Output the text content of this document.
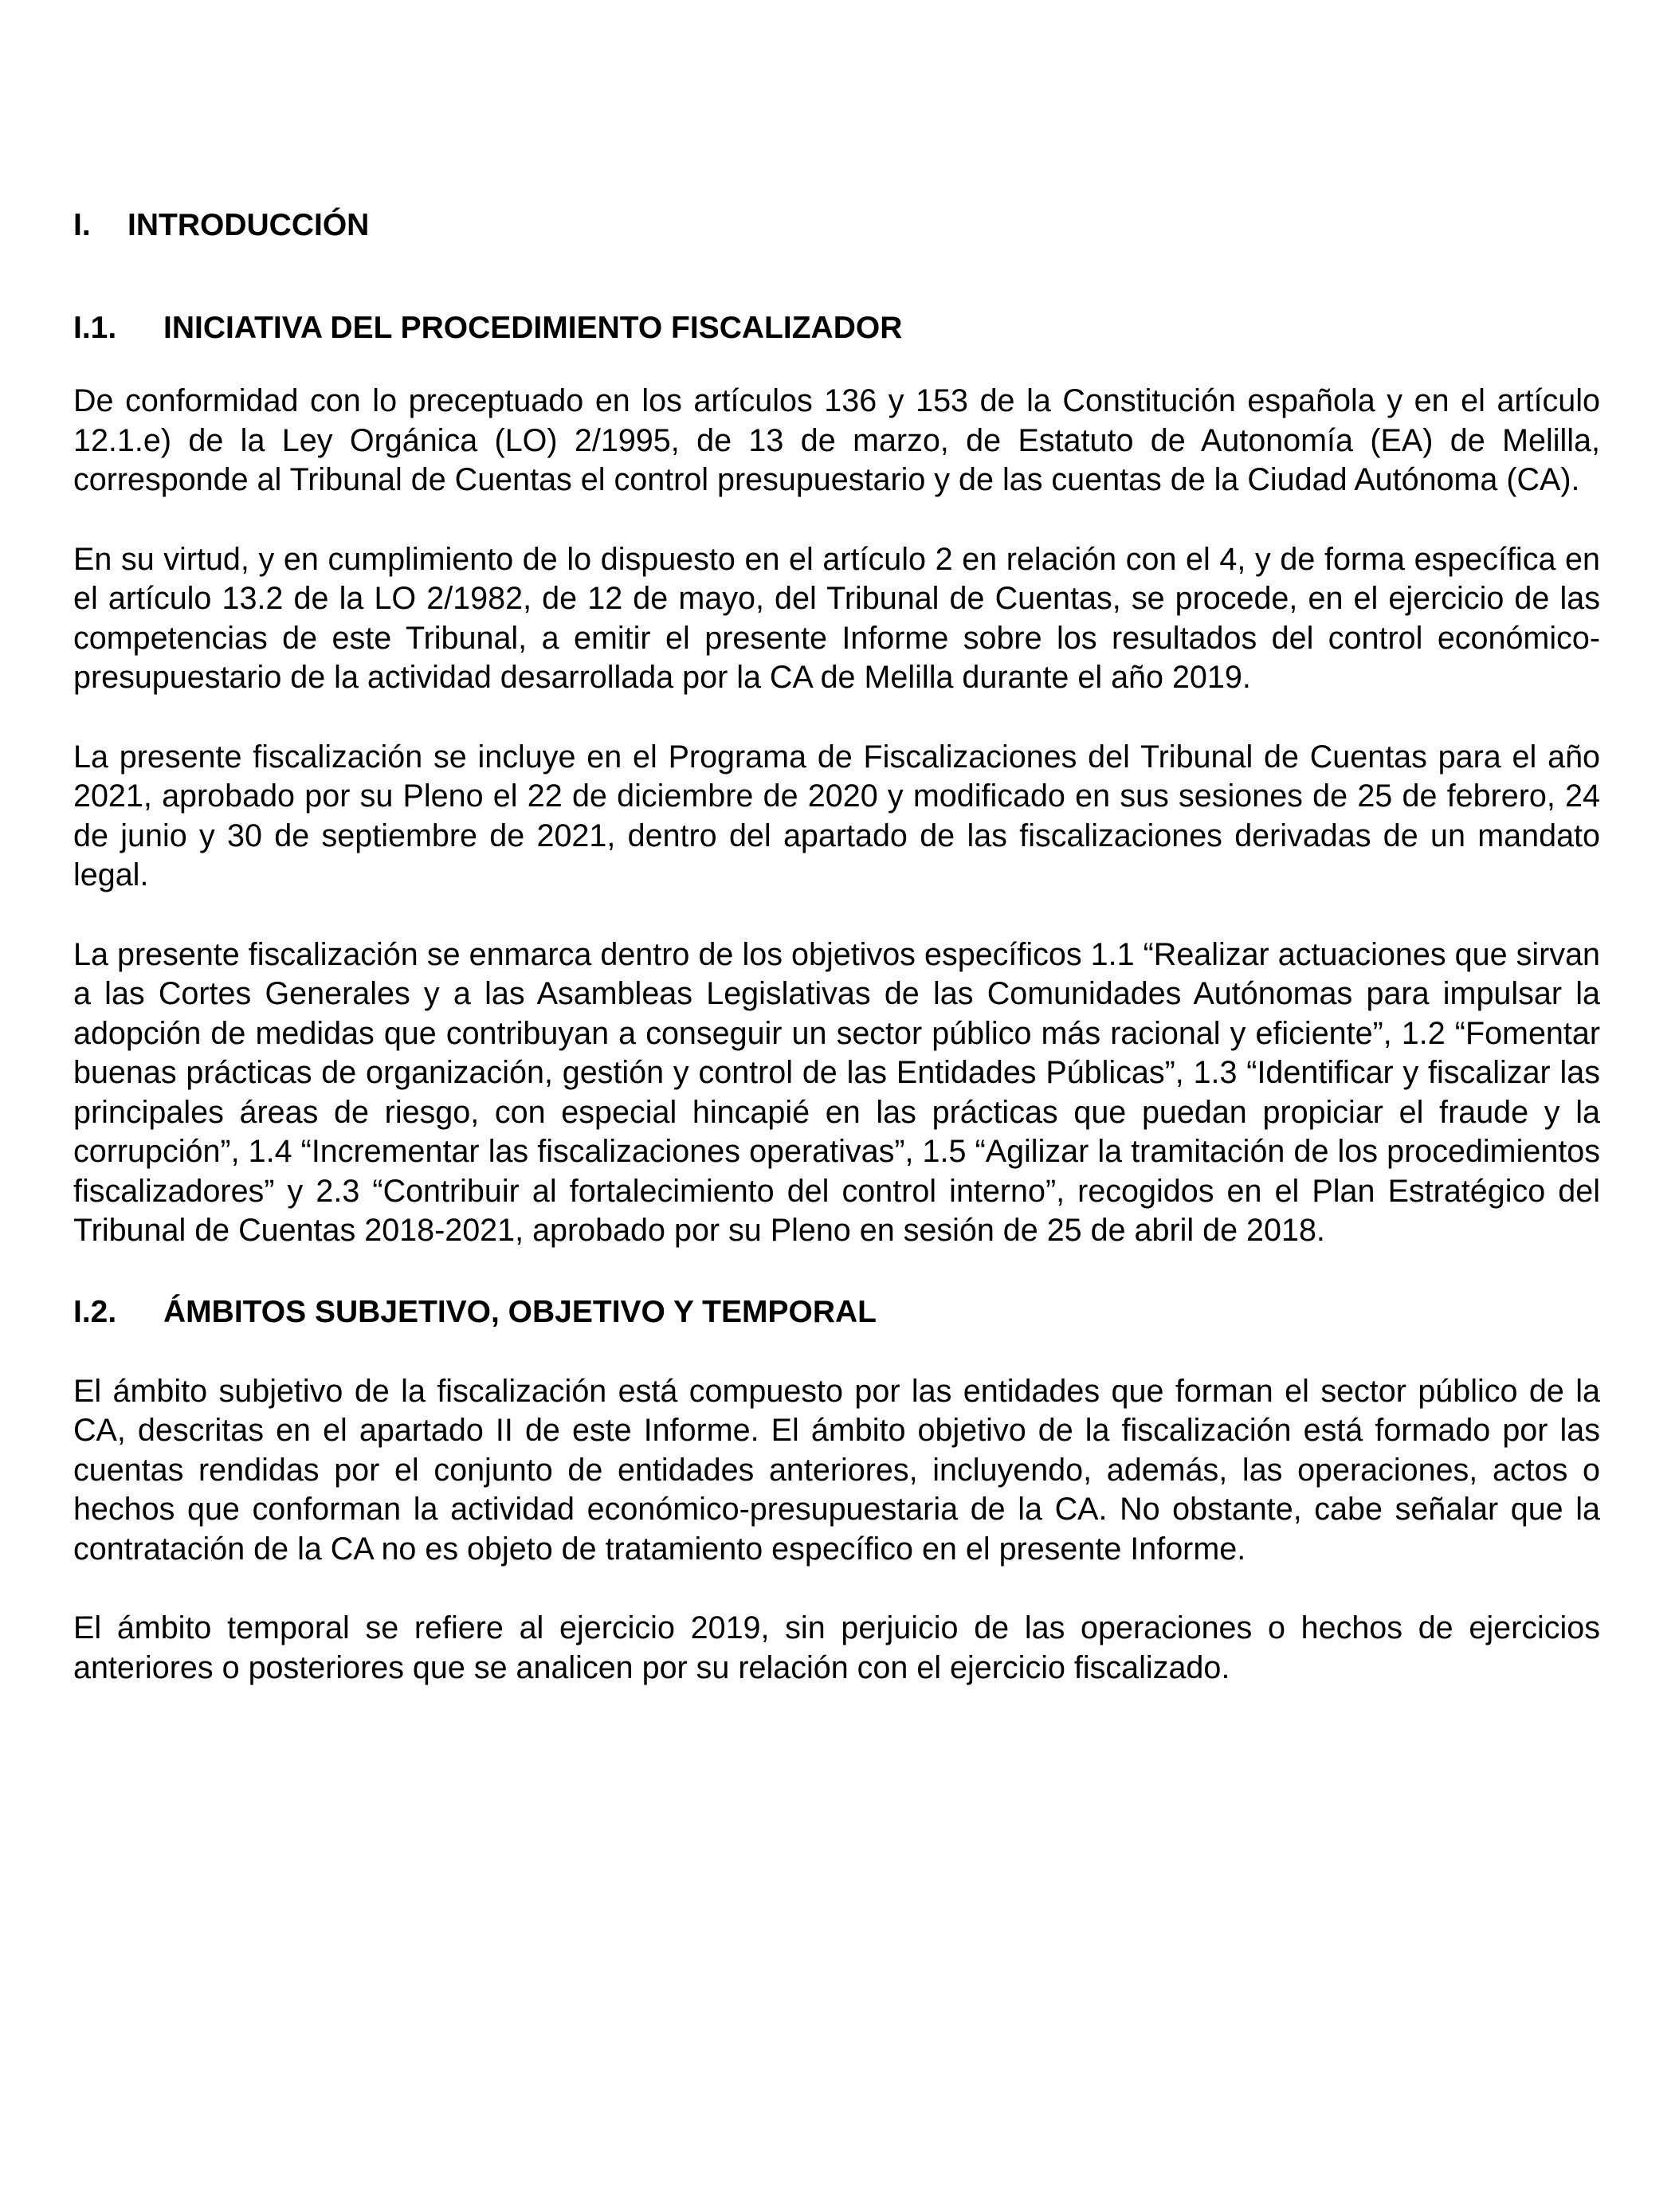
I.	INTRODUCCIÓN
I.1.	INICIATIVA DEL PROCEDIMIENTO FISCALIZADOR

De conformidad con lo preceptuado en los artículos 136 y 153 de la Constitución española y en el artículo 12.1.e) de la Ley Orgánica (LO) 2/1995, de 13 de marzo, de Estatuto de Autonomía (EA) de Melilla, corresponde al Tribunal de Cuentas el control presupuestario y de las cuentas de la Ciudad Autónoma (CA).

En su virtud, y en cumplimiento de lo dispuesto en el artículo 2 en relación con el 4, y de forma específica en el artículo 13.2 de la LO 2/1982, de 12 de mayo, del Tribunal de Cuentas, se procede, en el ejercicio de las competencias de este Tribunal, a emitir el presente Informe sobre los resultados del control económico-presupuestario de la actividad desarrollada por la CA de Melilla durante el año 2019.

La presente fiscalización se incluye en el Programa de Fiscalizaciones del Tribunal de Cuentas para el año 2021, aprobado por su Pleno el 22 de diciembre de 2020 y modificado en sus sesiones de 25 de febrero, 24 de junio y 30 de septiembre de 2021, dentro del apartado de las fiscalizaciones derivadas de un mandato legal.

La presente fiscalización se enmarca dentro de los objetivos específicos 1.1 “Realizar actuaciones que sirvan a las Cortes Generales y a las Asambleas Legislativas de las Comunidades Autónomas para impulsar la adopción de medidas que contribuyan a conseguir un sector público más racional y eficiente”, 1.2 “Fomentar buenas prácticas de organización, gestión y control de las Entidades Públicas”, 1.3 “Identificar y fiscalizar las principales áreas de riesgo, con especial hincapié en las prácticas que puedan propiciar el fraude y la corrupción”, 1.4 “Incrementar las fiscalizaciones operativas”, 1.5 “Agilizar la tramitación de los procedimientos fiscalizadores” y 2.3 “Contribuir al fortalecimiento del control interno”, recogidos en el Plan Estratégico del Tribunal de Cuentas 2018-2021, aprobado por su Pleno en sesión de 25 de abril de 2018.

I.2.	ÁMBITOS SUBJETIVO, OBJETIVO Y TEMPORAL

El ámbito subjetivo de la fiscalización está compuesto por las entidades que forman el sector público de la CA, descritas en el apartado II de este Informe. El ámbito objetivo de la fiscalización está formado por las cuentas rendidas por el conjunto de entidades anteriores, incluyendo, además, las operaciones, actos o hechos que conforman la actividad económico-presupuestaria de la CA. No obstante, cabe señalar que la contratación de la CA no es objeto de tratamiento específico en el presente Informe.

El ámbito temporal se refiere al ejercicio 2019, sin perjuicio de las operaciones o hechos de ejercicios anteriores o posteriores que se analicen por su relación con el ejercicio fiscalizado.
